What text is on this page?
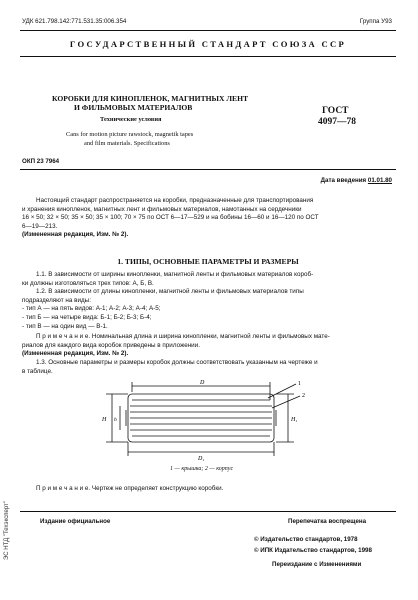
УДК 621.798.142:771.531.35:006.354	Группа У93
ГОСУДАРСТВЕННЫЙ СТАНДАРТ СОЮЗА ССР
КОРОБКИ ДЛЯ КИНОПЛЕНОК, МАГНИТНЫХ ЛЕНТ
И ФИЛЬМОВЫХ МАТЕРИАЛОВ
Технические условия
Cans for motion picture rawstock, magnetik tapes
and film materials. Specifications
ГОСТ
4097—78
ОКП 23 7964
Дата введения 01.01.80

Настоящий стандарт распространяется на коробки, предназначенные для транспортирования

и хранения кинопленок, магнитных лент и фильмовых материалов, намотанных на сердечники

16 × 50; 32 × 50; 35 × 50; 35 × 100; 70 × 75 по ОСТ 6—17—529 и на бобины 16—60 и 16—120 по ОСТ

6—19—213.

(Измененная редакция, Изм. № 2).

1. ТИПЫ, ОСНОВНЫЕ ПАРАМЕТРЫ И РАЗМЕРЫ

1.1. В зависимости от ширины кинопленки, магнитной ленты и фильмовых материалов короб-

ки должны изготовляться трех типов: А, Б, В.

1.2. В зависимости от длины кинопленки, магнитной ленты и фильмовых материалов типы

подразделяют на виды:

- тип А — на пять видов: А-1; А-2; А-3; А-4; А-5;

- тип Б — на четыре вида: Б-1; Б-2; Б-3; Б-4;

- тип В — на один вид — В-1.

П р и м е ч а н и е. Номинальная длина и ширина кинопленки, магнитной ленты и фильмовых мате-

риалов для каждого вида коробок приведены в приложении.

(Измененная редакция, Изм. № 2).

1.3. Основные параметры и размеры коробок должны соответствовать указанным на чертеже и

в таблице.

D
D₁
H h	H₁
1
2
1 — крышка; 2 — корпус
П р и м е ч а н и е. Чертеж не определяет конструкцию коробки.
Издание официальное	Перепечатка воспрещена
© Издательство стандартов, 1978
© ИПК Издательство стандартов, 1998
Переиздание с Изменениями
ЭС НТД "Техэксперт"
